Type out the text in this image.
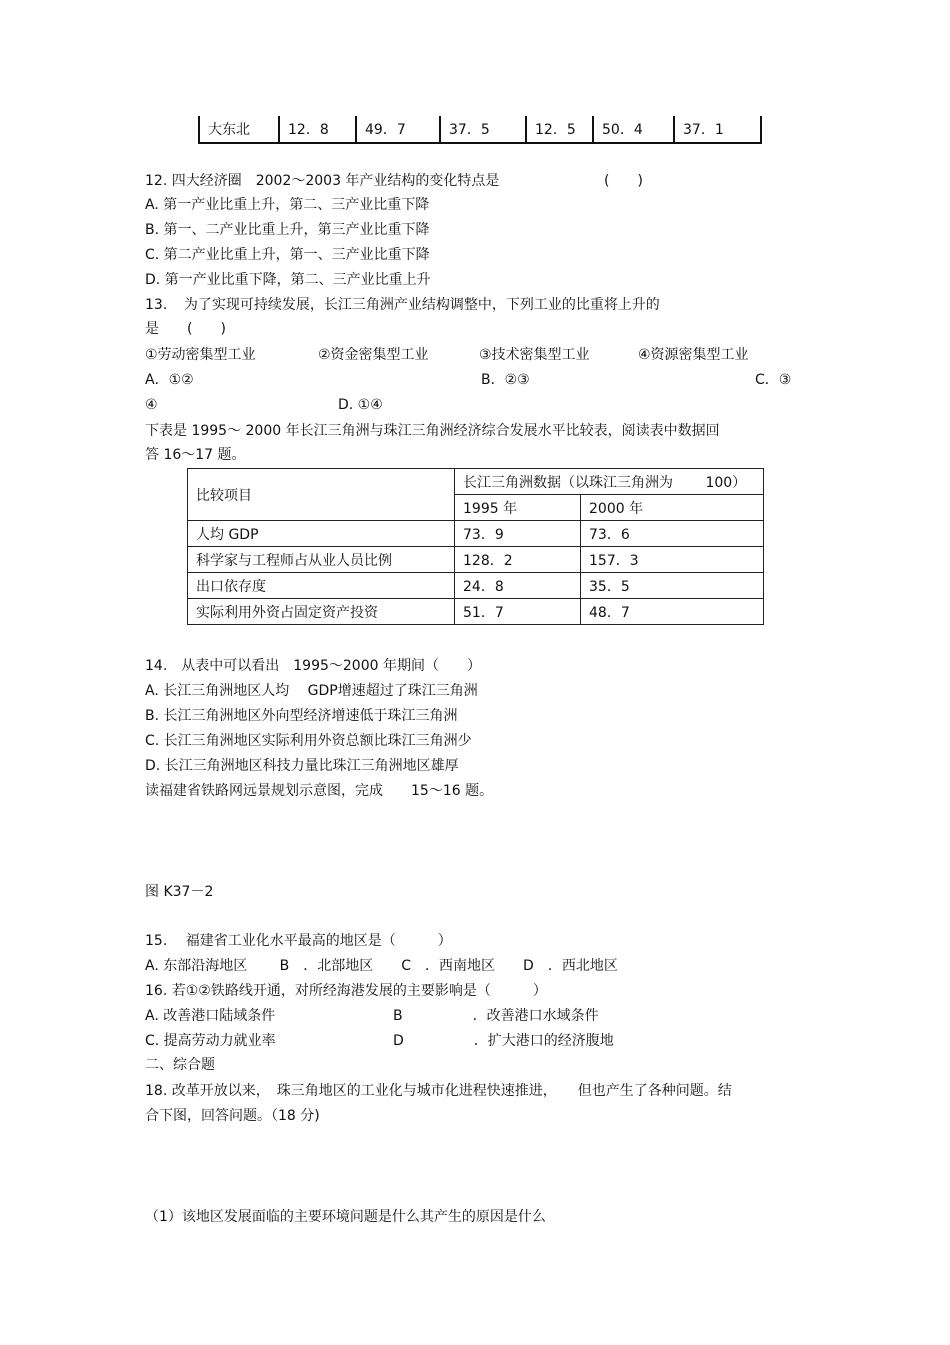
大东北	12．8	49．7	37．5	12．5	50．4	37．1
12. 四大经济圈　2002～2003 年产业结构的变化特点是	(　　)
A. 第一产业比重上升，第二、三产业比重下降
B. 第一、二产业比重上升，第三产业比重下降
C. 第二产业比重上升，第一、三产业比重下降
D. 第一产业比重下降，第二、三产业比重上升
13．　为了实现可持续发展，长江三角洲产业结构调整中，下列工业的比重将上升的
是　　(　　)
①劳动密集型工业	②资金密集型工业	③技术密集型工业	④资源密集型工业
A．①②	B．②③	C．③
④	D. ①④
下表是 1995～ 2000 年长江三角洲与珠江三角洲经济综合发展水平比较表，阅读表中数据回
答 16～17 题。
比较项目	长江三角洲数据（以珠江三角洲为　　 100）	
	1995 年	2000 年
人均 GDP	73．9	73．6
科学家与工程师占从业人员比例	128．2	157．3
出口依存度	24．8	35．5
实际利用外资占固定资产投资	51．7	48．7
14.　从表中可以看出　1995～2000 年期间（　　）
A. 长江三角洲地区人均　 GDP增速超过了珠江三角洲
B. 长江三角洲地区外向型经济增速低于珠江三角洲
C. 长江三角洲地区实际利用外资总额比珠江三角洲少
D. 长江三角洲地区科技力量比珠江三角洲地区雄厚
读福建省铁路网远景规划示意图，完成　　15～16 题。
图 K37－2
15.　 福建省工业化水平最高的地区是（　　　）
A. 东部沿海地区　　 B　．北部地区　　C　．西南地区　　D　．西北地区
16. 若①②铁路线开通，对所经海港发展的主要影响是（　　　）
A. 改善港口陆域条件	B　　　　　．改善港口水域条件
C. 提高劳动力就业率	D　　　　　．扩大港口的经济腹地
二、综合题
18. 改革开放以来，　珠三角地区的工业化与城市化进程快速推进，　　但也产生了各种问题。结
合下图，回答问题。（18 分)
（1）该地区发展面临的主要环境问题是什么其产生的原因是什么
